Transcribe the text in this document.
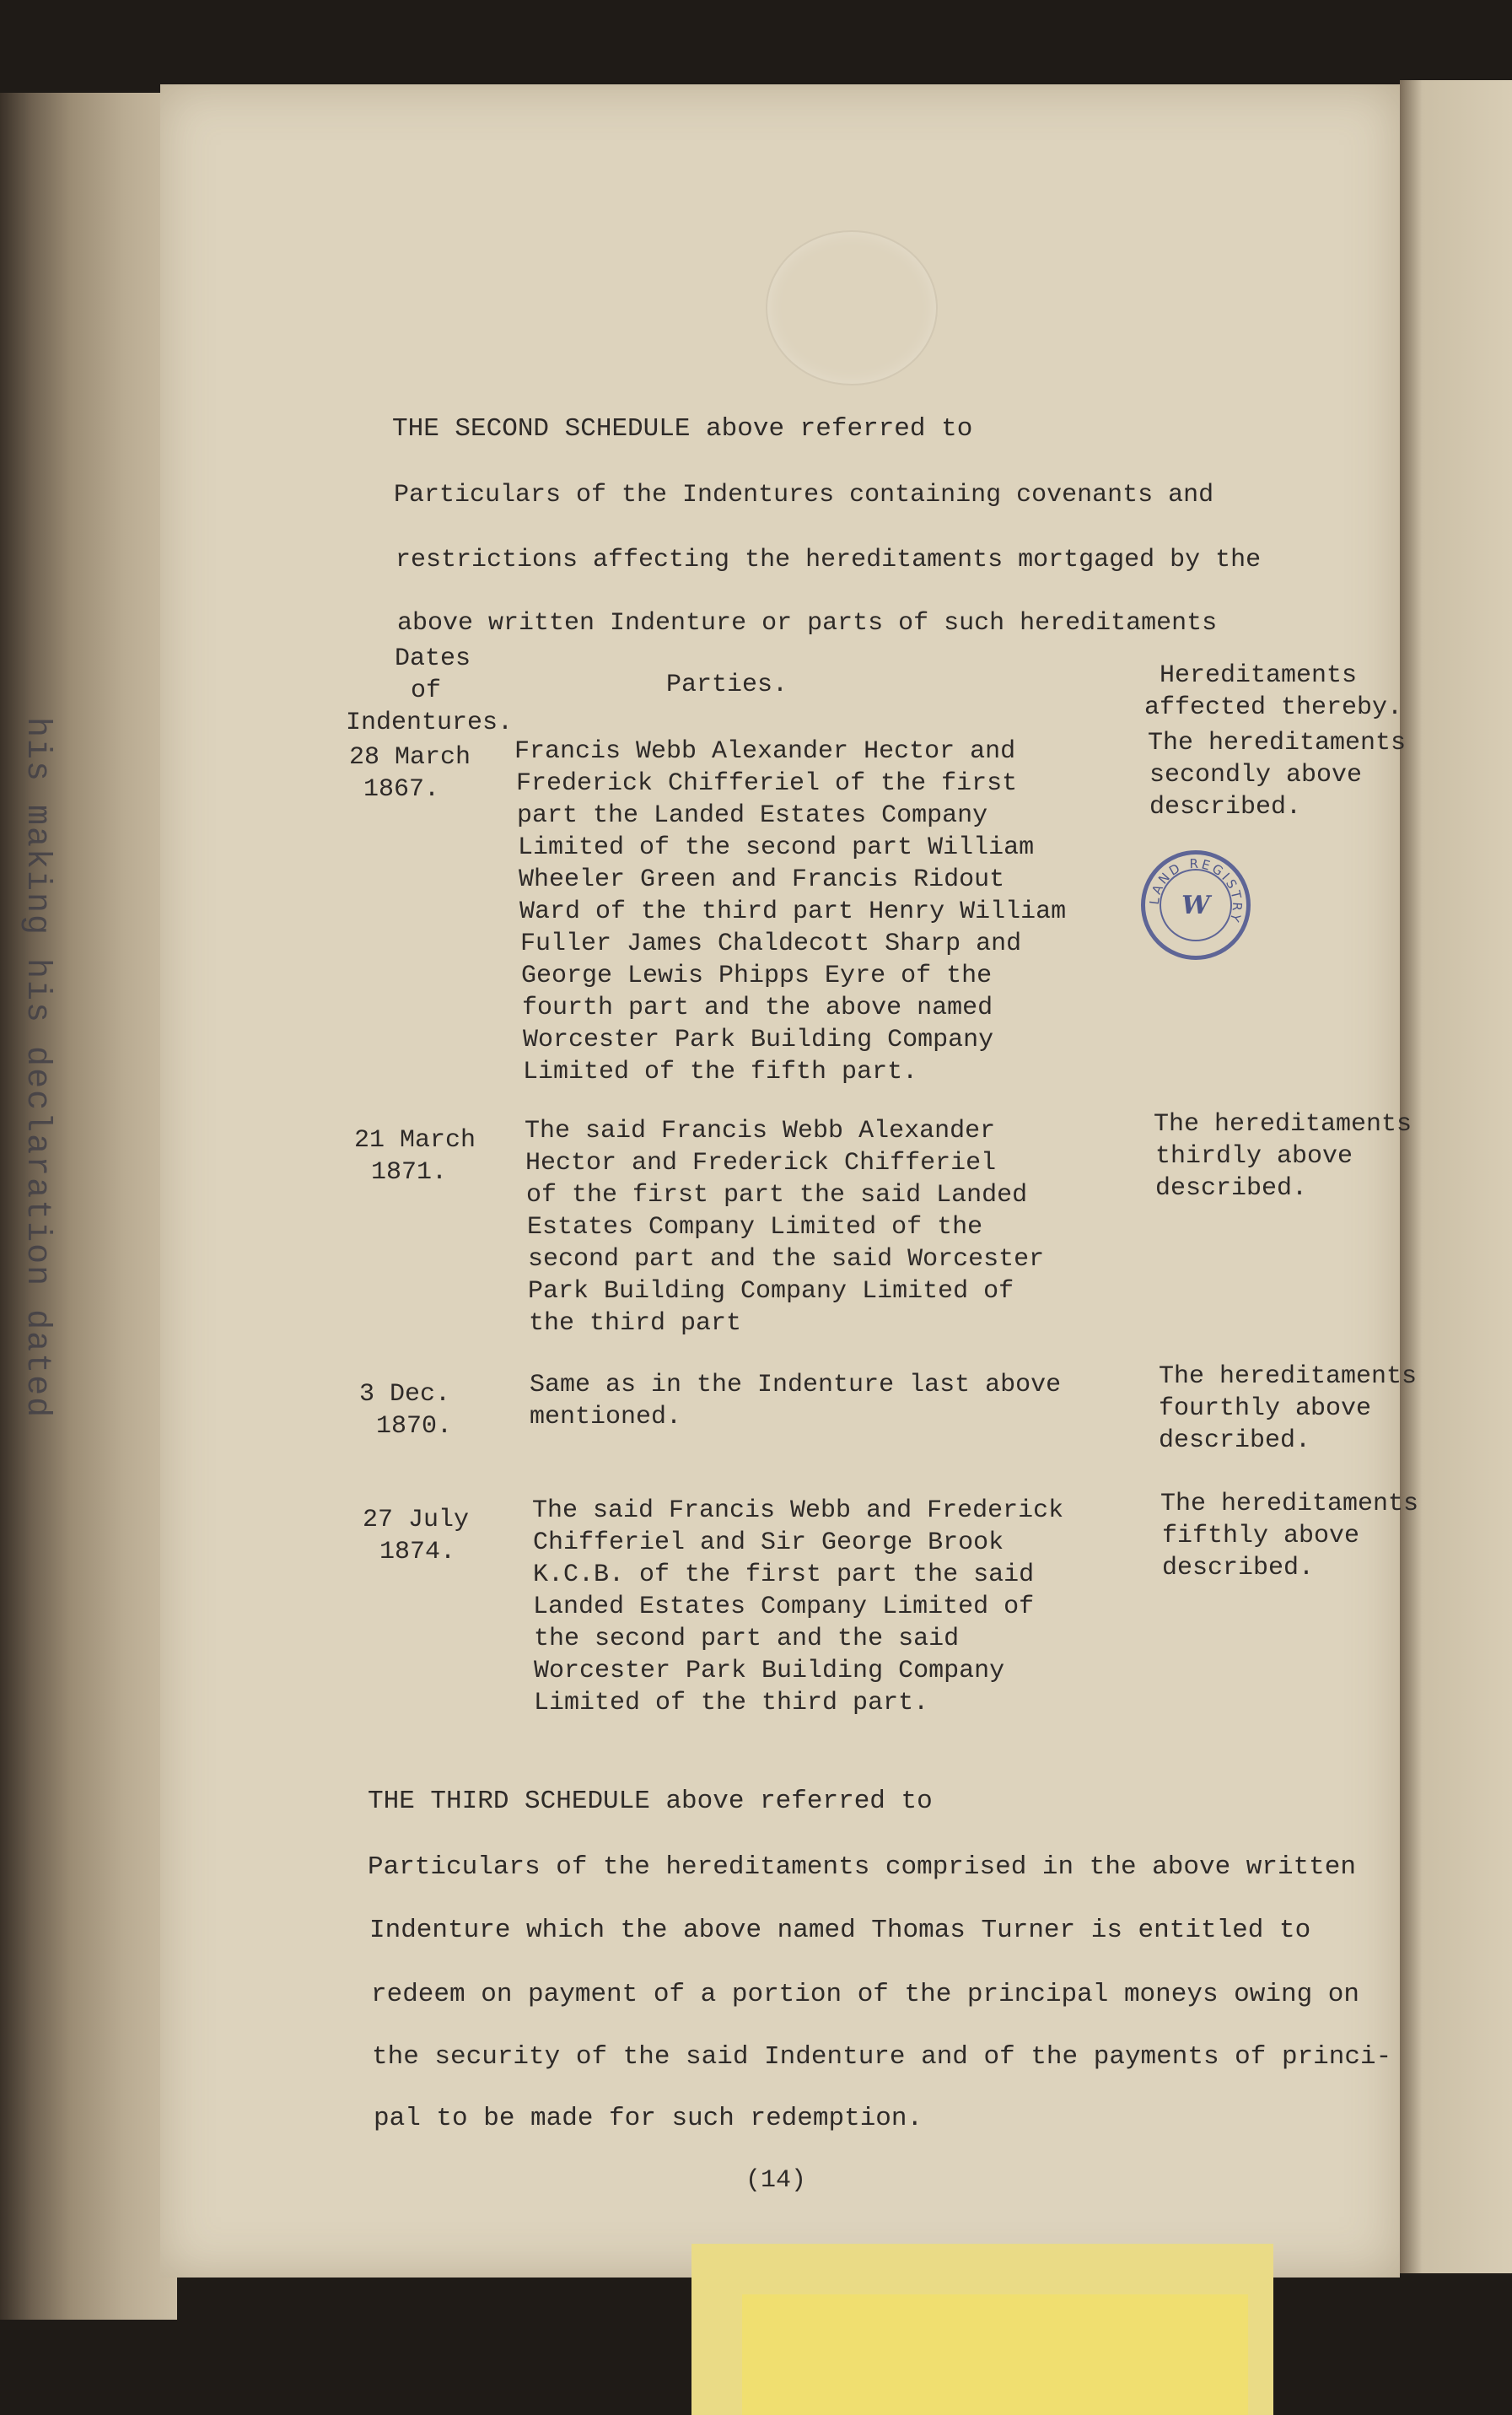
his making his declaration dated
THE SECOND SCHEDULE above referred to
Particulars of the Indentures containing covenants and
restrictions affecting the hereditaments mortgaged by the
above written Indenture or parts of such hereditaments
Dates
of
Indentures.
Parties.	Hereditaments
affected thereby.
28 March
1867.
Francis Webb Alexander Hector and
Frederick Chifferiel of the first
part the Landed Estates Company
Limited of the second part William
Wheeler Green and Francis Ridout
Ward of the third part Henry William
Fuller James Chaldecott Sharp and
George Lewis Phipps Eyre of the
fourth part and the above named
Worcester Park Building Company
Limited of the fifth part.
The hereditaments
secondly above
described.
LAND REGISTRY
W
21 March
1871.
The said Francis Webb Alexander
Hector and Frederick Chifferiel
of the first part the said Landed
Estates Company Limited of the
second part and the said Worcester
Park Building Company Limited of
the third part
The hereditaments
thirdly above
described.
3 Dec.
1870.
Same as in the Indenture last above
mentioned.
The hereditaments
fourthly above
described.
27 July
1874.
The said Francis Webb and Frederick
Chifferiel and Sir George Brook
K.C.B. of the first part the said
Landed Estates Company Limited of
the second part and the said
Worcester Park Building Company
Limited of the third part.
The hereditaments
fifthly above
described.
THE THIRD SCHEDULE above referred to
Particulars of the hereditaments comprised in the above written
Indenture which the above named Thomas Turner is entitled to
redeem on payment of a portion of the principal moneys owing on
the security of the said Indenture and of the payments of princi-
pal to be made for such redemption.
(14)
